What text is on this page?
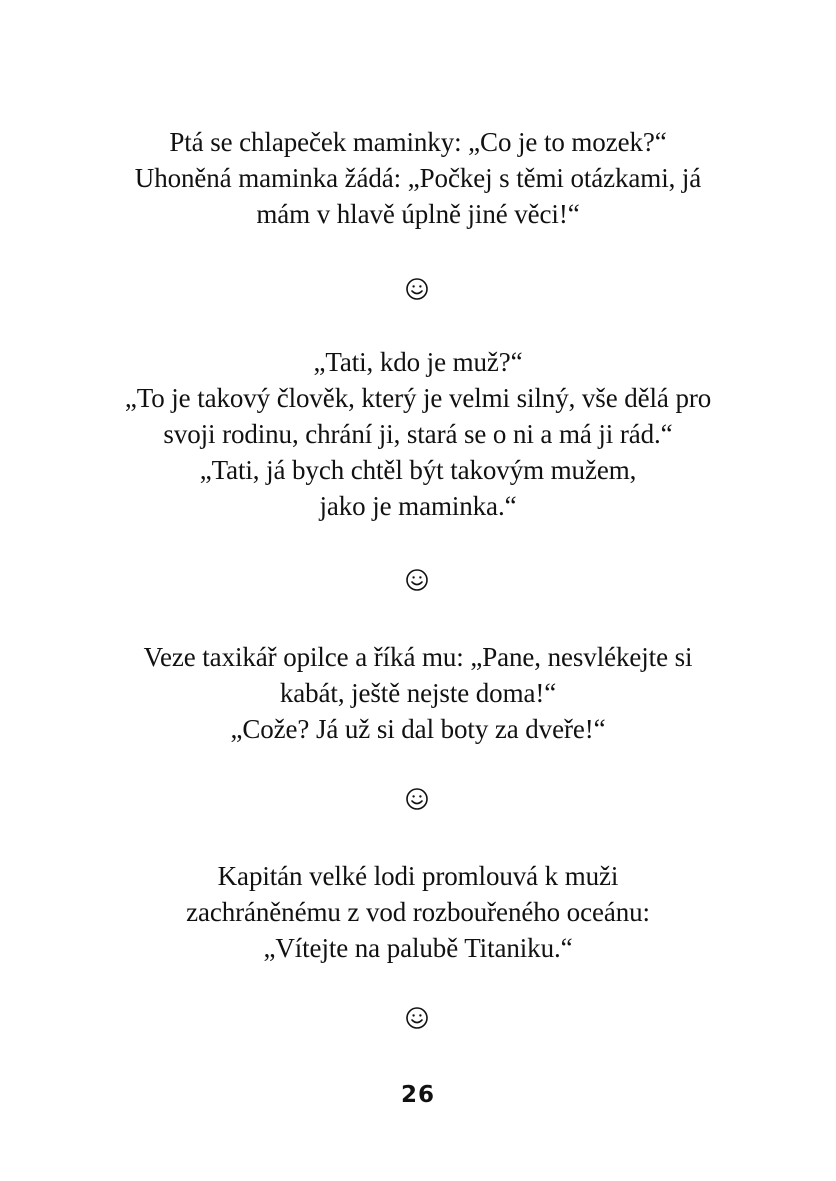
Ptá se chlapeček maminky: „Co je to mozek?“
Uhoněná maminka žádá: „Počkej s těmi otázkami, já
mám v hlavě úplně jiné věci!“
„Tati, kdo je muž?“
„To je takový člověk, který je velmi silný, vše dělá pro
svoji rodinu, chrání ji, stará se o ni a má ji rád.“
„Tati, já bych chtěl být takovým mužem,
jako je maminka.“
Veze taxikář opilce a říká mu: „Pane, nesvlékejte si
kabát, ještě nejste doma!“
„Cože? Já už si dal boty za dveře!“
Kapitán velké lodi promlouvá k muži
zachráněnému z vod rozbouřeného oceánu:
„Vítejte na palubě Titaniku.“
26
